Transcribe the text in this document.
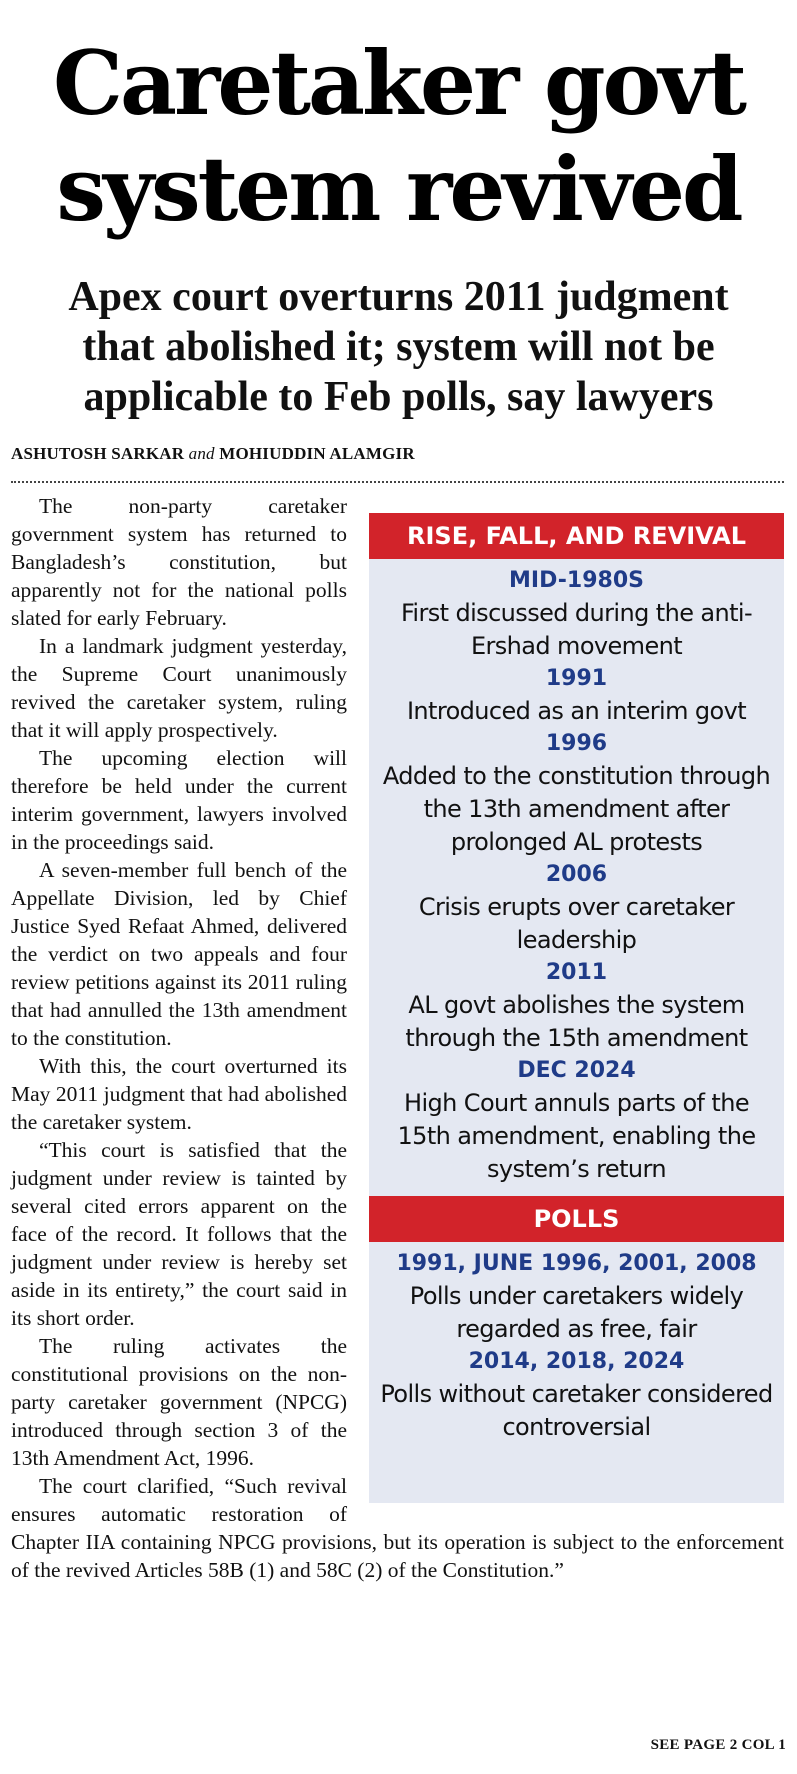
Caretaker govt
system revived
Apex court overturns 2011 judgment
that abolished it; system will not be
applicable to Feb polls, say lawyers
ASHUTOSH SARKAR and MOHIUDDIN ALAMGIR
RISE, FALL, AND REVIVAL
MID-1980S
First discussed during the anti-Ershad movement
1991
Introduced as an interim govt
1996
Added to the constitution through the 13th amendment after prolonged AL protests
2006
Crisis erupts over caretaker leadership
2011
AL govt abolishes the system through the 15th amendment
DEC 2024
High Court annuls parts of the 15th amendment, enabling the system’s return
POLLS
1991, JUNE 1996, 2001, 2008
Polls under caretakers widely regarded as free, fair
2014, 2018, 2024
Polls without caretaker considered controversial

The non-party caretaker government system has returned to Bangladesh’s constitution, but apparently not for the national polls slated for early February.

In a landmark judgment yesterday, the Supreme Court unanimously revived the caretaker system, ruling that it will apply prospectively.

The upcoming election will therefore be held under the current interim government, lawyers involved in the proceedings said.

A seven-member full bench of the Appellate Division, led by Chief Justice Syed Refaat Ahmed, delivered the verdict on two appeals and four review petitions against its 2011 ruling that had annulled the 13th amendment to the constitution.

With this, the court overturned its May 2011 judgment that had abolished the caretaker system.

“This court is satisfied that the judgment under review is tainted by several cited errors apparent on the face of the record. It follows that the judgment under review is hereby set aside in its entirety,” the court said in its short order.

The ruling activates the constitutional provisions on the non-party caretaker government (NPCG) introduced through section 3 of the 13th Amendment Act, 1996.

The court clarified, “Such revival ensures automatic restoration of Chapter IIA containing NPCG provisions, but its operation is subject to the enforcement of the revived Articles 58B (1) and 58C (2) of the Constitution.”

SEE PAGE 2 COL 1
